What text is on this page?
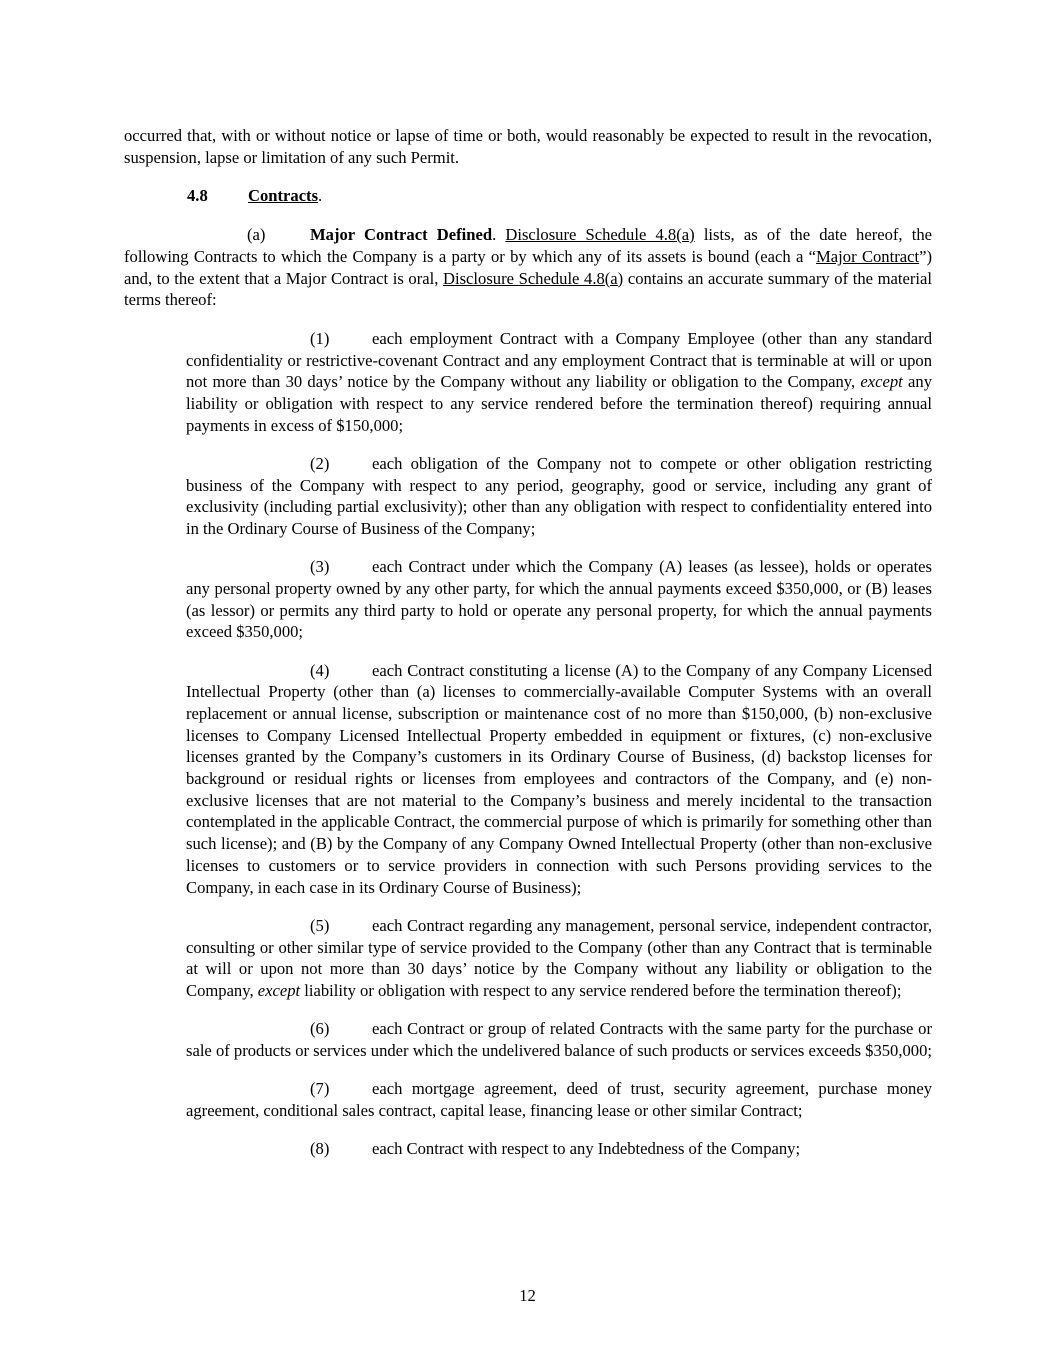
occurred that, with or without notice or lapse of time or both, would reasonably be expected to result in the revocation, suspension, lapse or limitation of any such Permit.

4.8 Contracts.

(a)	Major Contract Defined. Disclosure Schedule 4.8(a) lists, as of the date hereof, the following Contracts to which the Company is a party or by which any of its assets is bound (each a “Major Contract”) and, to the extent that a Major Contract is oral, Disclosure Schedule 4.8(a) contains an accurate summary of the material terms thereof:

(1)	each employment Contract with a Company Employee (other than any standard confidentiality or restrictive-covenant Contract and any employment Contract that is terminable at will or upon not more than 30 days’ notice by the Company without any liability or obligation to the Company, except any liability or obligation with respect to any service rendered before the termination thereof) requiring annual payments in excess of $150,000;

(2)	each obligation of the Company not to compete or other obligation restricting business of the Company with respect to any period, geography, good or service, including any grant of exclusivity (including partial exclusivity); other than any obligation with respect to confidentiality entered into in the Ordinary Course of Business of the Company;

(3)	each Contract under which the Company (A) leases (as lessee), holds or operates any personal property owned by any other party, for which the annual payments exceed $350,000, or (B) leases (as lessor) or permits any third party to hold or operate any personal property, for which the annual payments exceed $350,000;

(4)	each Contract constituting a license (A) to the Company of any Company Licensed Intellectual Property (other than (a) licenses to commercially-available Computer Systems with an overall replacement or annual license, subscription or maintenance cost of no more than $150,000, (b) non-exclusive licenses to Company Licensed Intellectual Property embedded in equipment or fixtures, (c) non-exclusive licenses granted by the Company’s customers in its Ordinary Course of Business, (d) backstop licenses for background or residual rights or licenses from employees and contractors of the Company, and (e) non-exclusive licenses that are not material to the Company’s business and merely incidental to the transaction contemplated in the applicable Contract, the commercial purpose of which is primarily for something other than such license); and (B) by the Company of any Company Owned Intellectual Property (other than non-exclusive licenses to customers or to service providers in connection with such Persons providing services to the Company, in each case in its Ordinary Course of Business);

(5)	each Contract regarding any management, personal service, independent contractor, consulting or other similar type of service provided to the Company (other than any Contract that is terminable at will or upon not more than 30 days’ notice by the Company without any liability or obligation to the Company, except liability or obligation with respect to any service rendered before the termination thereof);

(6)	each Contract or group of related Contracts with the same party for the purchase or sale of products or services under which the undelivered balance of such products or services exceeds $350,000;

(7)	each mortgage agreement, deed of trust, security agreement, purchase money agreement, conditional sales contract, capital lease, financing lease or other similar Contract;

(8)	each Contract with respect to any Indebtedness of the Company;

12
